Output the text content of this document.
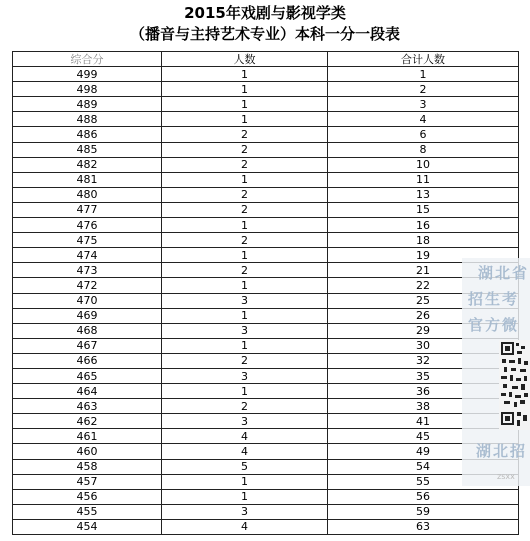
2015年戏剧与影视学类
（播音与主持艺术专业）本科一分一段表
综合分	人数	合计人数
499	1	1
498	1	2
489	1	3
488	1	4
486	2	6
485	2	8
482	2	10
481	1	11
480	2	13
477	2	15
476	1	16
475	2	18
474	1	19
473	2	21
472	1	22
470	3	25
469	1	26
468	3	29
467	1	30
466	2	32
465	3	35
464	1	36
463	2	38
462	3	41
461	4	45
460	4	49
458	5	54
457	1	55
456	1	56
455	3	59
454	4	63
湖北省
招生考
官方微
湖北招
zsxx
